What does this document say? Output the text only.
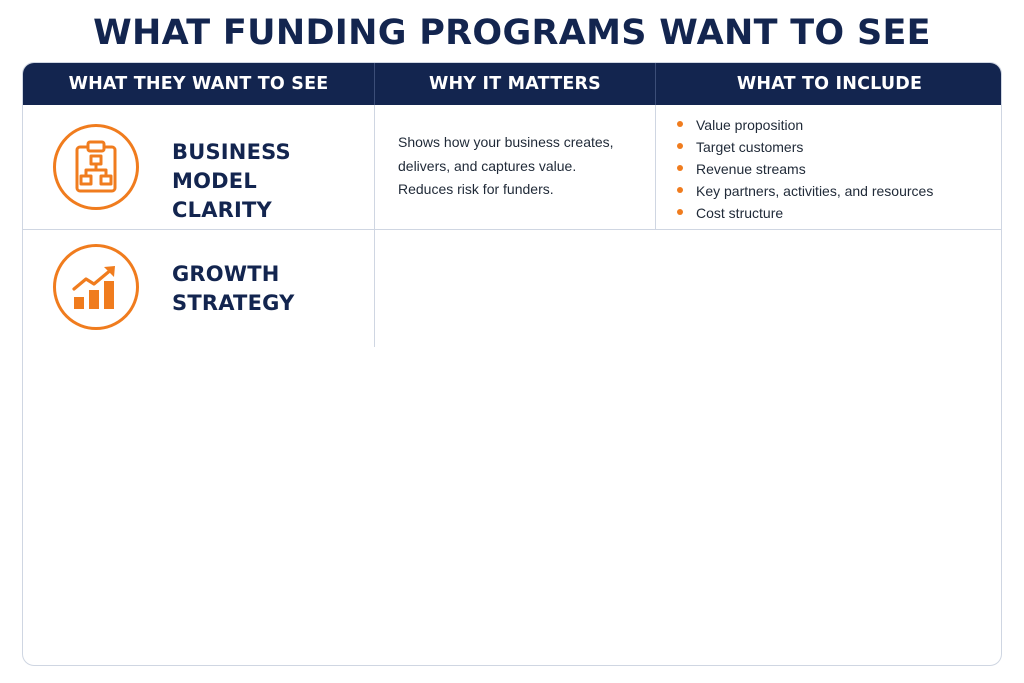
WHAT FUNDING PROGRAMS WANT TO SEE
WHAT THEY WANT TO SEE	WHY IT MATTERS	WHAT TO INCLUDE
BUSINESS MODEL
CLARITY
Shows how your business creates,
delivers, and captures value.
Reduces risk for funders.
Value proposition
Target customers
Revenue streams
Key partners, activities, and resources
Cost structure
GROWTH
STRATEGY
